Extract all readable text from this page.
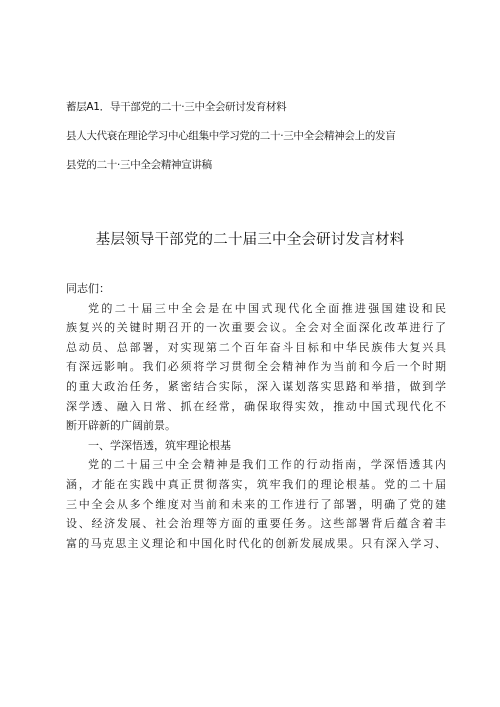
蓄层A1．导干部党的二十·三中全会研讨发育材料
县人大代衰在理论学习中心组集中学习党的二十·三中全会精神会上的发盲
县党的二十·三中全会精神宣讲稿
基层领导干部党的二十届三中全会研讨发言材料
同志们：
党的二十届三中全会是在中国式现代化全面推进强国建设和民
族复兴的关键时期召开的一次重要会议。全会对全面深化改革进行了
总动员、总部署，对实现第二个百年奋斗目标和中华民族伟大复兴具
有深远影响。我们必须将学习贯彻全会精神作为当前和今后一个时期
的重大政治任务，紧密结合实际，深入谋划落实思路和举措，做到学
深学透、融入日常、抓在经常，确保取得实效，推动中国式现代化不
断开辟新的广阔前景。
一、学深悟透，筑牢理论根基
党的二十届三中全会精神是我们工作的行动指南，学深悟透其内
涵，才能在实践中真正贯彻落实，筑牢我们的理论根基。党的二十届
三中全会从多个维度对当前和未来的工作进行了部署，明确了党的建
设、经济发展、社会治理等方面的重要任务。这些部署背后蕴含着丰
富的马克思主义理论和中国化时代化的创新发展成果。只有深入学习、
